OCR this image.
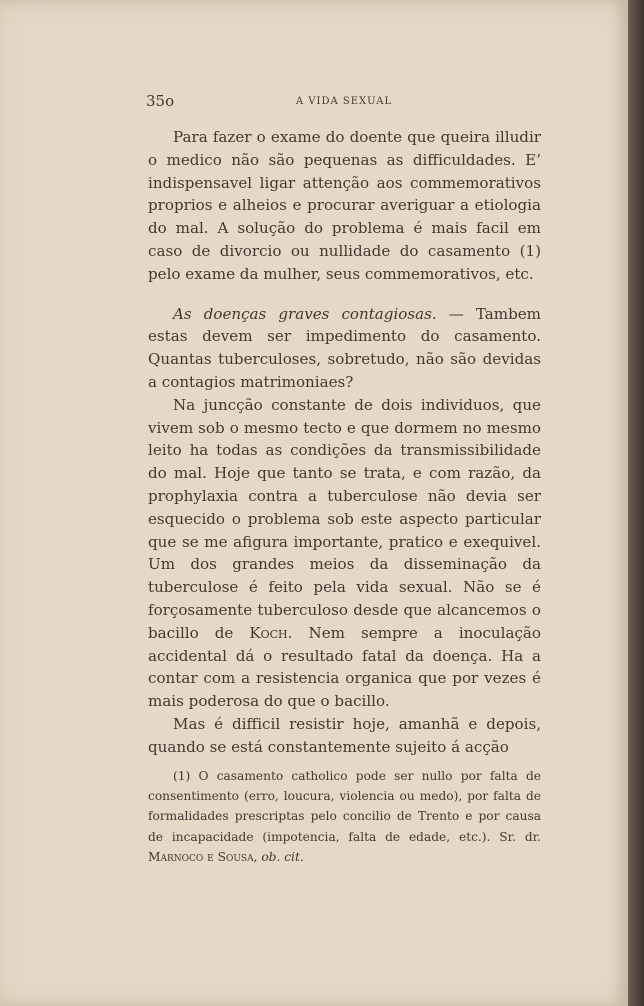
35o	A VIDA SEXUAL

Para fazer o exame do doente que queira illudir o medico não são pequenas as difficuldades. E’ indispensavel ligar attenção aos commemorativos proprios e alheios e procurar averiguar a etiologia do mal. A solução do problema é mais facil em caso de divorcio ou nullidade do casamento (1) pelo exame da mulher, seus commemorativos, etc.

As doenças graves contagiosas. — Tambem estas devem ser impedimento do casamento. Quantas tuberculoses, sobretudo, não são devidas a contagios matrimoniaes?

Na juncção constante de dois individuos, que vivem sob o mesmo tecto e que dormem no mesmo leito ha todas as condições da transmissibilidade do mal. Hoje que tanto se trata, e com razão, da prophylaxia contra a tuberculose não devia ser esquecido o problema sob este aspecto particular que se me afigura importante, pratico e exequivel. Um dos grandes meios da disseminação da tuberculose é feito pela vida sexual. Não se é forçosamente tuberculoso desde que alcancemos o bacillo de Koch. Nem sempre a inoculação accidental dá o resultado fatal da doença. Ha a contar com a resistencia organica que por vezes é mais poderosa do que o bacillo.

Mas é difficil resistir hoje, amanhã e depois, quando se está constantemente sujeito á acção

(1) O casamento catholico pode ser nullo por falta de consentimento (erro, loucura, violencia ou medo), por falta de formalidades prescriptas pelo concilio de Trento e por causa de incapacidade (impotencia, falta de edade, etc.). Sr. dr. Marnoco e Sousa, ob. cit.
